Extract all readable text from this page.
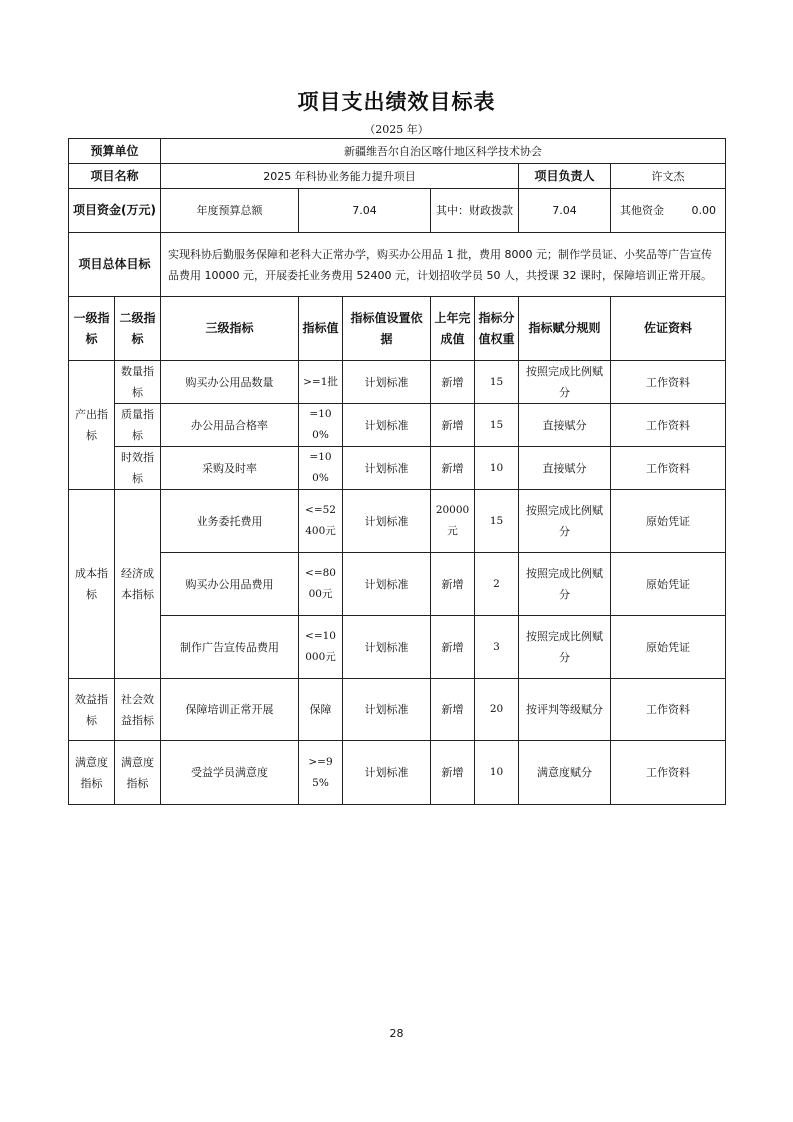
项目支出绩效目标表
（2025 年）
预算单位		新疆维吾尔自治区喀什地区科学技术协会						
项目名称		2025 年科协业务能力提升项目					项目负责人	许文杰
项目资金(万元)		年度预算总额	7.04		其中：财政拨款		7.04	其他资金 0.00

项目总体目标		实现科协后勤服务保障和老科大正常办学，购买办公用品 1 批，费用 8000 元；制作学员证、小奖品等广告宣传品费用 10000 元，开展委托业务费用 52400 元，计划招收学员 50 人，共授课 32 课时，保障培训正常开展。						
一级指标	二级指标	三级指标	指标值	指标值设置依据	上年完成值	指标分值权重	指标赋分规则	佐证资料
产出指标	数量指标	购买办公用品数量	>=1批	计划标准	新增	15	按照完成比例赋分	工作资料
	质量指标	办公用品合格率	=100%	计划标准	新增	15	直接赋分	工作资料
	时效指标	采购及时率	=100%	计划标准	新增	10	直接赋分	工作资料
成本指标	经济成本指标	业务委托费用	<=52400元	计划标准	20000元	15	按照完成比例赋分	原始凭证
		购买办公用品费用	<=8000元	计划标准	新增	2	按照完成比例赋分	原始凭证
		制作广告宣传品费用	<=10000元	计划标准	新增	3	按照完成比例赋分	原始凭证
效益指标	社会效益指标	保障培训正常开展	保障	计划标准	新增	20	按评判等级赋分	工作资料
满意度指标	满意度指标	受益学员满意度	>=95%	计划标准	新增	10	满意度赋分	工作资料
28
